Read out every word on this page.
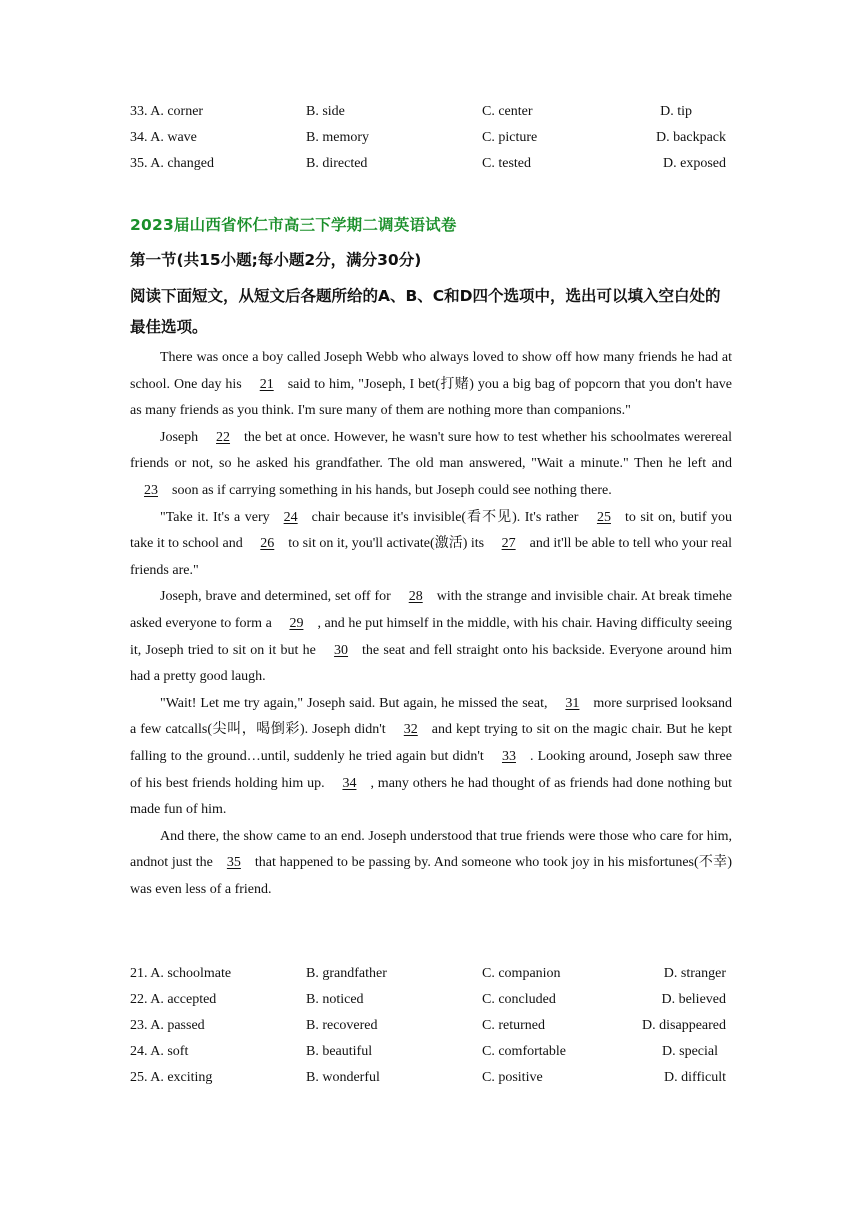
33. A. corner	B. side	C. center	D. tip
34. A. wave	B. memory	C. picture	D. backpack
35. A. changed	B. directed	C. tested	D. exposed
2023届山西省怀仁市高三下学期二调英语试卷
第一节(共15小题;每小题2分，满分30分)
阅读下面短文，从短文后各题所给的A、B、C和D四个选项中，选出可以填入空白处的最佳选项。

There was once a boy called Joseph Webb who always loved to show off how many friends he had at school. One day his 21 said to him, "Joseph, I bet(打赌) you a big bag of popcorn that you don't have as many friends as you think. I'm sure many of them are nothing more than companions."

Joseph 22 the bet at once. However, he wasn't sure how to test whether his schoolmates werereal friends or not, so he asked his grandfather. The old man answered, "Wait a minute." Then he left and 23 soon as if carrying something in his hands, but Joseph could see nothing there.

"Take it. It's a very 24 chair because it's invisible(看不见). It's rather 25 to sit on, butif you take it to school and 26 to sit on it, you'll activate(激活) its 27 and it'll be able to tell who your real friends are."

Joseph, brave and determined, set off for 28 with the strange and invisible chair. At break timehe asked everyone to form a 29 , and he put himself in the middle, with his chair. Having difficulty seeing it, Joseph tried to sit on it but he 30 the seat and fell straight onto his backside. Everyone around him had a pretty good laugh.

"Wait! Let me try again," Joseph said. But again, he missed the seat, 31 more surprised looksand a few catcalls(尖叫，喝倒彩). Joseph didn't 32 and kept trying to sit on the magic chair. But he kept falling to the ground…until, suddenly he tried again but didn't 33 . Looking around, Joseph saw three of his best friends holding him up. 34 , many others he had thought of as friends had done nothing but made fun of him.

And there, the show came to an end. Joseph understood that true friends were those who care for him, andnot just the 35 that happened to be passing by. And someone who took joy in his misfortunes(不幸) was even less of a friend.

21. A. schoolmate	B. grandfather	C. companion	D. stranger
22. A. accepted	B. noticed	C. concluded	D. believed
23. A. passed	B. recovered	C. returned	D. disappeared
24. A. soft	B. beautiful	C. comfortable	D. special
25. A. exciting	B. wonderful	C. positive	D. difficult
